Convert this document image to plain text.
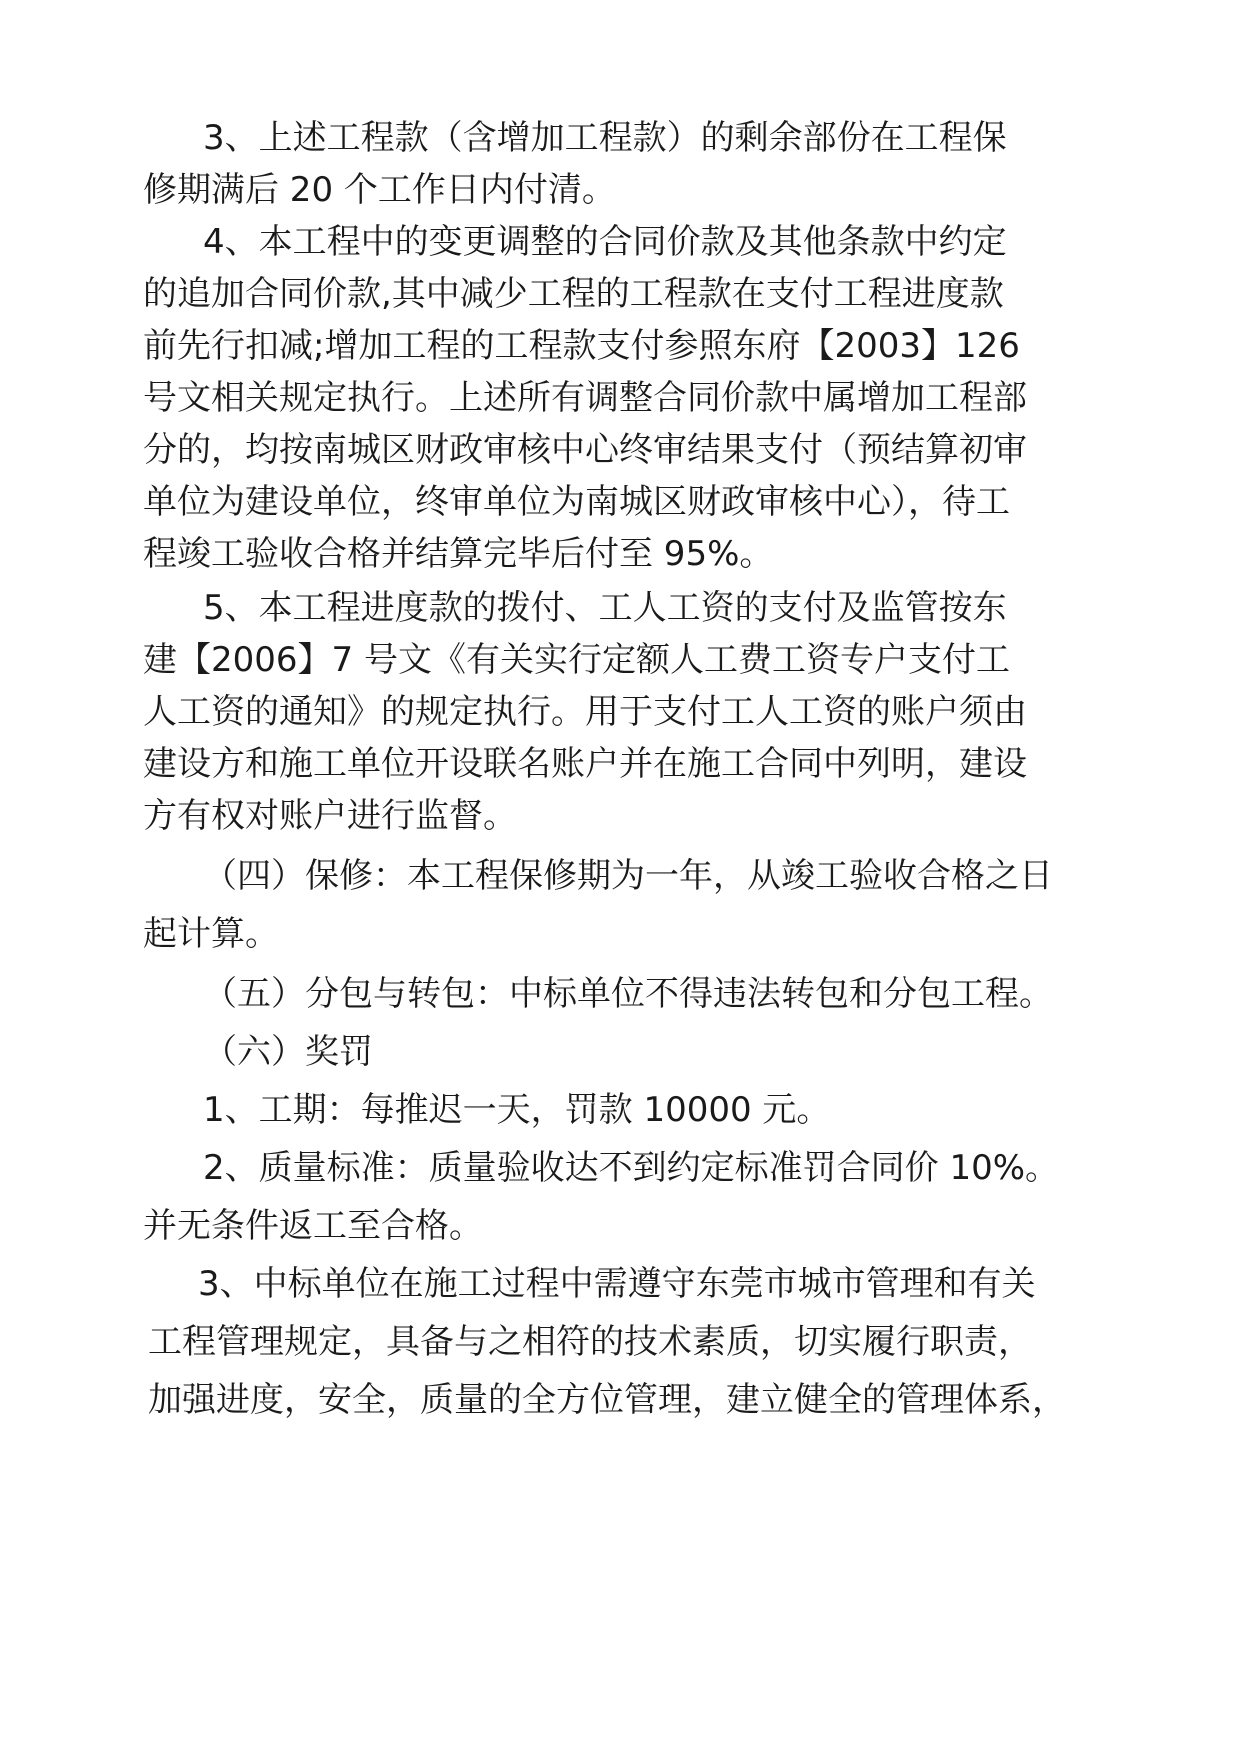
3、上述工程款（含增加工程款）的剩余部份在工程保
修期满后 20 个工作日内付清。
4、本工程中的变更调整的合同价款及其他条款中约定
的追加合同价款,其中减少工程的工程款在支付工程进度款
前先行扣减;增加工程的工程款支付参照东府【2003】126
号文相关规定执行。上述所有调整合同价款中属增加工程部
分的，均按南城区财政审核中心终审结果支付（预结算初审
单位为建设单位，终审单位为南城区财政审核中心），待工
程竣工验收合格并结算完毕后付至 95%。
5、本工程进度款的拨付、工人工资的支付及监管按东
建【2006】7 号文《有关实行定额人工费工资专户支付工
人工资的通知》的规定执行。用于支付工人工资的账户须由
建设方和施工单位开设联名账户并在施工合同中列明，建设
方有权对账户进行监督。
（四）保修：本工程保修期为一年，从竣工验收合格之日
起计算。
（五）分包与转包：中标单位不得违法转包和分包工程。
（六）奖罚
1、工期：每推迟一天，罚款 10000 元。
2、质量标准：质量验收达不到约定标准罚合同价 10%。
并无条件返工至合格。
3、中标单位在施工过程中需遵守东莞市城市管理和有关
工程管理规定，具备与之相符的技术素质，切实履行职责，
加强进度，安全，质量的全方位管理，建立健全的管理体系，
